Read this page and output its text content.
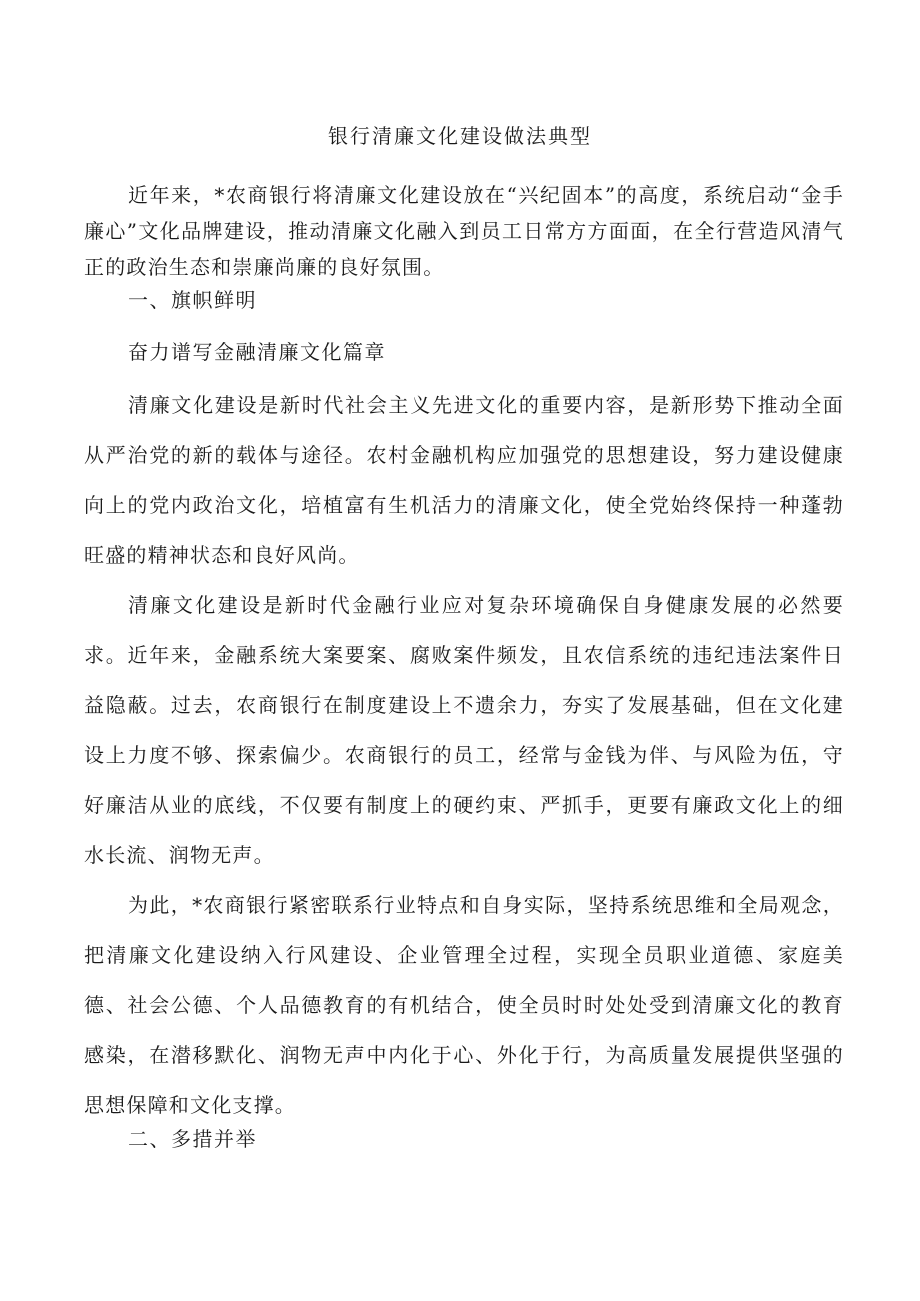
银行清廉文化建设做法典型

近年来，*农商银行将清廉文化建设放在“兴纪固本”的高度，系统启动“金手廉心”文化品牌建设，推动清廉文化融入到员工日常方方面面，在全行营造风清气正的政治生态和崇廉尚廉的良好氛围。

一、旗帜鲜明

奋力谱写金融清廉文化篇章

清廉文化建设是新时代社会主义先进文化的重要内容，是新形势下推动全面从严治党的新的载体与途径。农村金融机构应加强党的思想建设，努力建设健康向上的党内政治文化，培植富有生机活力的清廉文化，使全党始终保持一种蓬勃旺盛的精神状态和良好风尚。

清廉文化建设是新时代金融行业应对复杂环境确保自身健康发展的必然要求。近年来，金融系统大案要案、腐败案件频发，且农信系统的违纪违法案件日益隐蔽。过去，农商银行在制度建设上不遗余力，夯实了发展基础，但在文化建设上力度不够、探索偏少。农商银行的员工，经常与金钱为伴、与风险为伍，守好廉洁从业的底线，不仅要有制度上的硬约束、严抓手，更要有廉政文化上的细水长流、润物无声。

为此，*农商银行紧密联系行业特点和自身实际，坚持系统思维和全局观念，把清廉文化建设纳入行风建设、企业管理全过程，实现全员职业道德、家庭美德、社会公德、个人品德教育的有机结合，使全员时时处处受到清廉文化的教育感染，在潜移默化、润物无声中内化于心、外化于行，为高质量发展提供坚强的思想保障和文化支撑。

二、多措并举
